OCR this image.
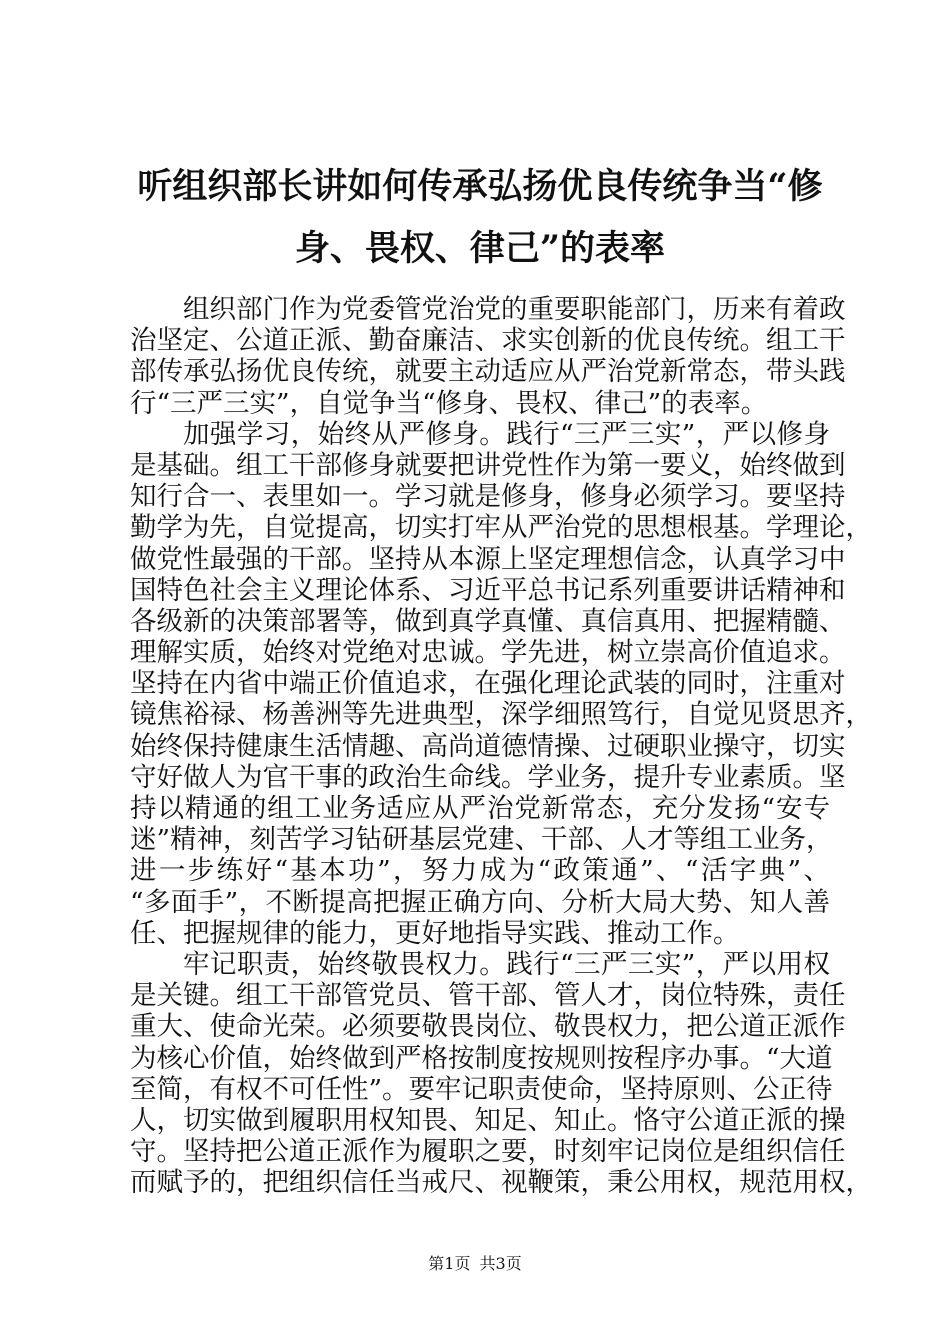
听组织部长讲如何传承弘扬优良传统争当“修
身、畏权、律己”的表率
组织部门作为党委管党治党的重要职能部门，历来有着政
治坚定、公道正派、勤奋廉洁、求实创新的优良传统。组工干
部传承弘扬优良传统，就要主动适应从严治党新常态，带头践
行“三严三实”，自觉争当“修身、畏权、律己”的表率。
加强学习，始终从严修身。践行“三严三实”，严以修身
是基础。组工干部修身就要把讲党性作为第一要义，始终做到
知行合一、表里如一。学习就是修身，修身必须学习。要坚持
勤学为先，自觉提高，切实打牢从严治党的思想根基。学理论，
做党性最强的干部。坚持从本源上坚定理想信念，认真学习中
国特色社会主义理论体系、习近平总书记系列重要讲话精神和
各级新的决策部署等，做到真学真懂、真信真用、把握精髓、
理解实质，始终对党绝对忠诚。学先进，树立崇高价值追求。
坚持在内省中端正价值追求，在强化理论武装的同时，注重对
镜焦裕禄、杨善洲等先进典型，深学细照笃行，自觉见贤思齐，
始终保持健康生活情趣、高尚道德情操、过硬职业操守，切实
守好做人为官干事的政治生命线。学业务，提升专业素质。坚
持以精通的组工业务适应从严治党新常态，充分发扬“安专
迷”精神，刻苦学习钻研基层党建、干部、人才等组工业务，
进一步练好“基本功”，努力成为“政策通”、“活字典”、
“多面手”，不断提高把握正确方向、分析大局大势、知人善
任、把握规律的能力，更好地指导实践、推动工作。
牢记职责，始终敬畏权力。践行“三严三实”，严以用权
是关键。组工干部管党员、管干部、管人才，岗位特殊，责任
重大、使命光荣。必须要敬畏岗位、敬畏权力，把公道正派作
为核心价值，始终做到严格按制度按规则按程序办事。“大道
至简，有权不可任性”。要牢记职责使命，坚持原则、公正待
人，切实做到履职用权知畏、知足、知止。恪守公道正派的操
守。坚持把公道正派作为履职之要，时刻牢记岗位是组织信任
而赋予的，把组织信任当戒尺、视鞭策，秉公用权，规范用权，
第1页 共3页
